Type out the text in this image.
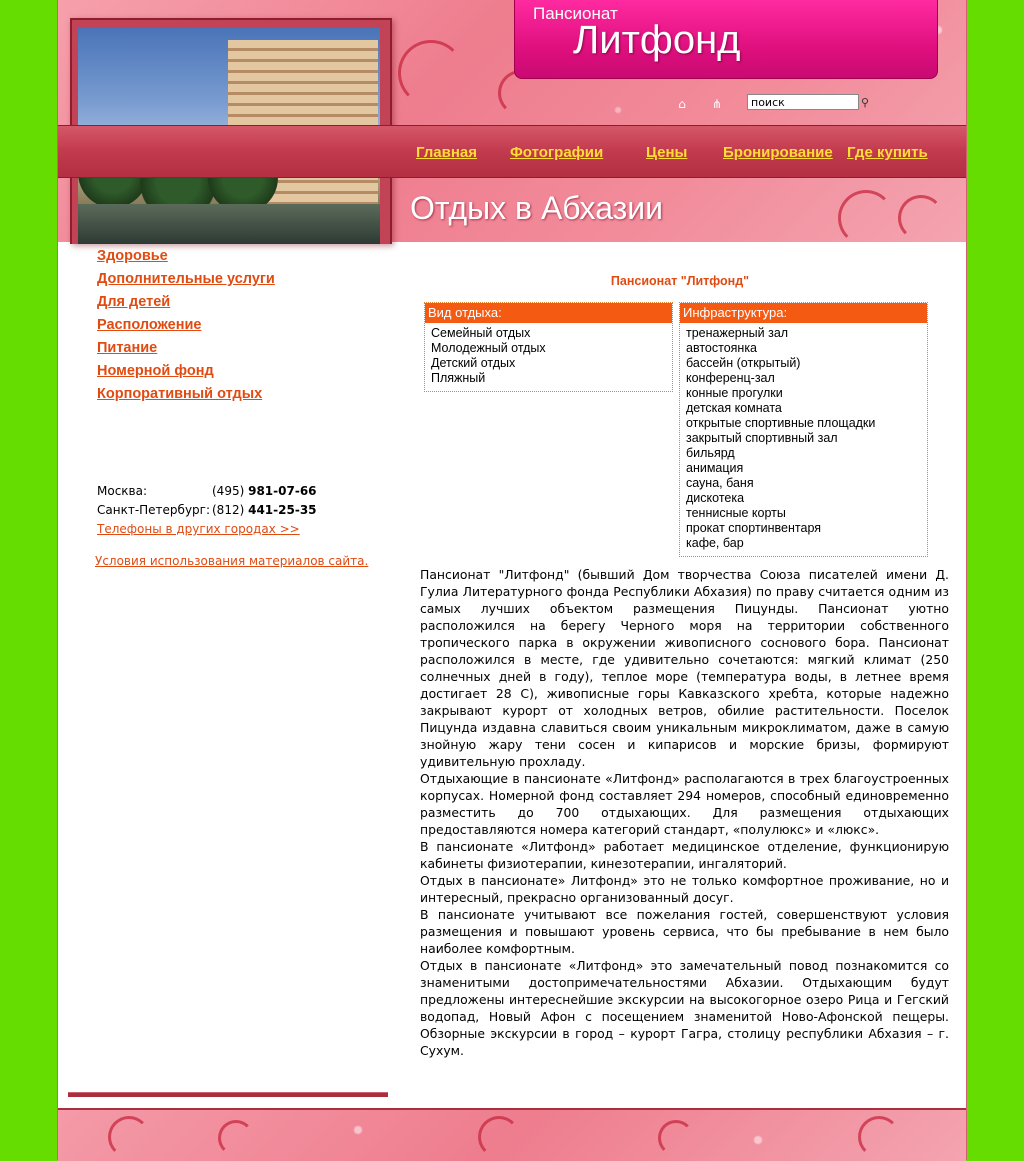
Пансионат
Литфонд
⌂ ⋔
поиск	⚲
Главная Фотографии	Цены Бронирование Где купить
Отдых в Абхазии
Здоровье
Дополнительные услуги
Для детей
Расположение
Питание
Номерной фонд
Корпоративный отдых
Москва:	(495) 981-07-66
Санкт-Петербург: (812) 441-25-35
Телефоны в других городах >>
Условия использования материалов сайта.
Пансионат "Литфонд"
Вид отдыха:
Семейный отдых
Молодежный отдых
Детский отдых
Пляжный
Инфраструктура:
тренажерный зал
автостоянка
бассейн (открытый)
конференц-зал
конные прогулки
детская комната
открытые спортивные площадки
закрытый спортивный зал
бильярд
анимация
сауна, баня
дискотека
теннисные корты
прокат спортинвентаря
кафе, бар

Пансионат "Литфонд" (бывший Дом творчества Союза писателей имени Д. Гулиа Литературного фонда Республики Абхазия) по праву считается одним из самых лучших объектом размещения Пицунды. Пансионат уютно расположился на берегу Черного моря на территории собственного тропического парка в окружении живописного соснового бора. Пансионат расположился в месте, где удивительно сочетаются: мягкий климат (250 солнечных дней в году), теплое море (температура воды, в летнее время достигает 28 С), живописные горы Кавказского хребта, которые надежно закрывают курорт от холодных ветров, обилие растительности. Поселок Пицунда издавна славиться своим уникальным микроклиматом, даже в самую знойную жару тени сосен и кипарисов и морские бризы, формируют удивительную прохладу.

Отдыхающие в пансионате «Литфонд» располагаются в трех благоустроенных корпусах. Номерной фонд составляет 294 номеров, способный единовременно разместить до 700 отдыхающих. Для размещения отдыхающих предоставляются номера категорий стандарт, «полулюкс» и «люкс».

В пансионате «Литфонд» работает медицинское отделение, функционирую кабинеты физиотерапии, кинезотерапии, ингаляторий.

Отдых в пансионате» Литфонд» это не только комфортное проживание, но и интересный, прекрасно организованный досуг.

В пансионате учитывают все пожелания гостей, совершенствуют условия размещения и повышают уровень сервиса, что бы пребывание в нем было наиболее комфортным.

Отдых в пансионате «Литфонд» это замечательный повод познакомится со знаменитыми достопримечательностями Абхазии. Отдыхающим будут предложены интереснейшие экскурсии на высокогорное озеро Рица и Гегский водопад, Новый Афон с посещением знаменитой Ново-Афонской пещеры. Обзорные экскурсии в город – курорт Гагра, столицу республики Абхазия – г. Сухум.
